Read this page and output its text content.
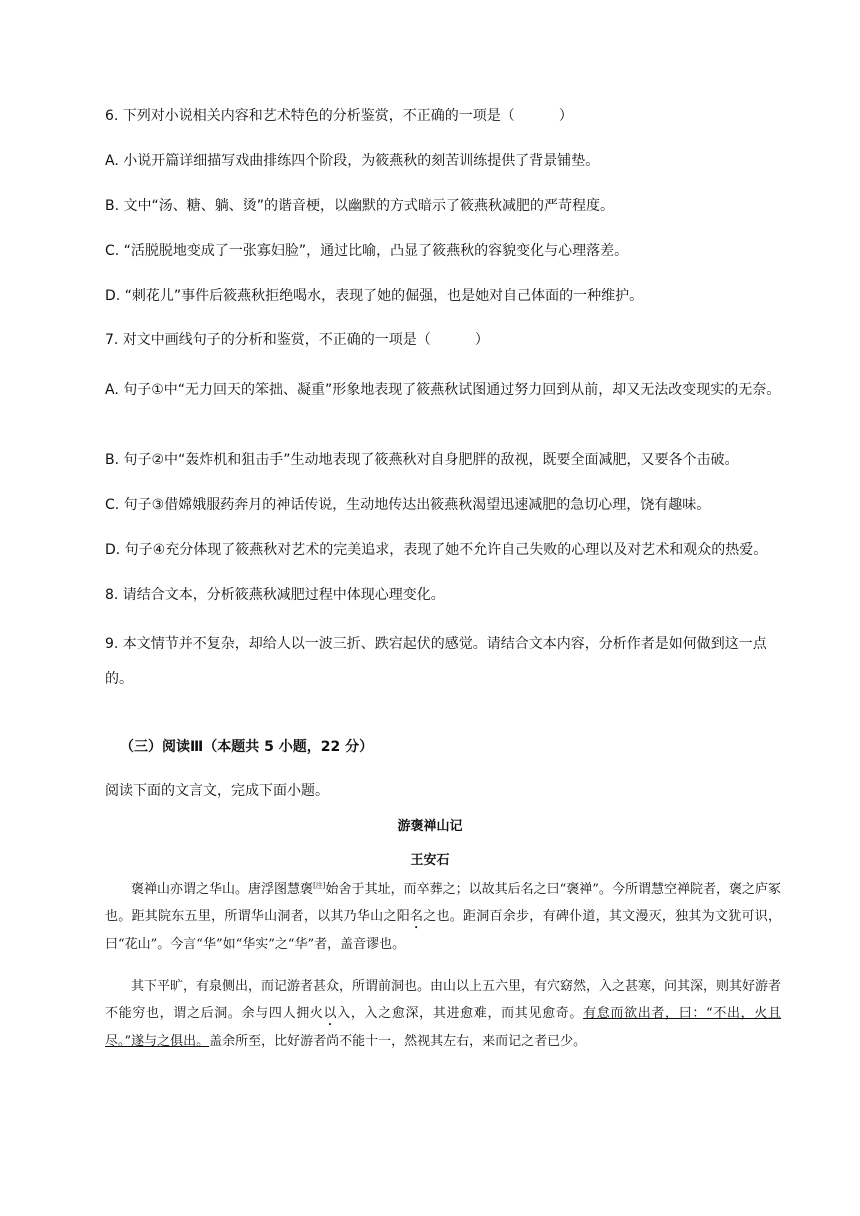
6. 下列对小说相关内容和艺术特色的分析鉴赏，不正确的一项是（	）
A. 小说开篇详细描写戏曲排练四个阶段，为筱燕秋的刻苦训练提供了背景铺垫。
B. 文中“汤、糖、躺、烫”的谐音梗，以幽默的方式暗示了筱燕秋减肥的严苛程度。
C. “活脱脱地变成了一张寡妇脸”，通过比喻，凸显了筱燕秋的容貌变化与心理落差。
D. “刺花儿”事件后筱燕秋拒绝喝水，表现了她的倔强，也是她对自己体面的一种维护。
7. 对文中画线句子的分析和鉴赏，不正确的一项是（	）
A. 句子①中“无力回天的笨拙、凝重”形象地表现了筱燕秋试图通过努力回到从前，却又无法改变现实的无奈。
B. 句子②中“轰炸机和狙击手”生动地表现了筱燕秋对自身肥胖的敌视，既要全面减肥，又要各个击破。
C. 句子③借嫦娥服药奔月的神话传说，生动地传达出筱燕秋渴望迅速减肥的急切心理，饶有趣味。
D. 句子④充分体现了筱燕秋对艺术的完美追求，表现了她不允许自己失败的心理以及对艺术和观众的热爱。
8. 请结合文本，分析筱燕秋减肥过程中体现心理变化。
9. 本文情节并不复杂，却给人以一波三折、跌宕起伏的感觉。请结合文本内容，分析作者是如何做到这一点的。
（三）阅读Ⅲ（本题共 5 小题，22 分）
阅读下面的文言文，完成下面小题。
游褒禅山记
王安石
褒禅山亦谓之华山。唐浮图慧褒[注]始舍于其址，而卒葬之；以故其后名之曰“褒禅”。今所谓慧空禅院者，褒之庐冢也。距其院东五里，所谓华山洞者，以其乃华山之阳名之也。距洞百余步，有碑仆道，其文漫灭，独其为文犹可识，曰“花山”。今言“华”如“华实”之“华”者，盖音谬也。
其下平旷，有泉侧出，而记游者甚众，所谓前洞也。由山以上五六里，有穴窈然，入之甚寒，问其深，则其好游者不能穷也，谓之后洞。余与四人拥火以入，入之愈深，其进愈难，而其见愈奇。有怠而欲出者，曰：“不出，火且尽。”遂与之俱出。盖余所至，比好游者尚不能十一，然视其左右，来而记之者已少。
